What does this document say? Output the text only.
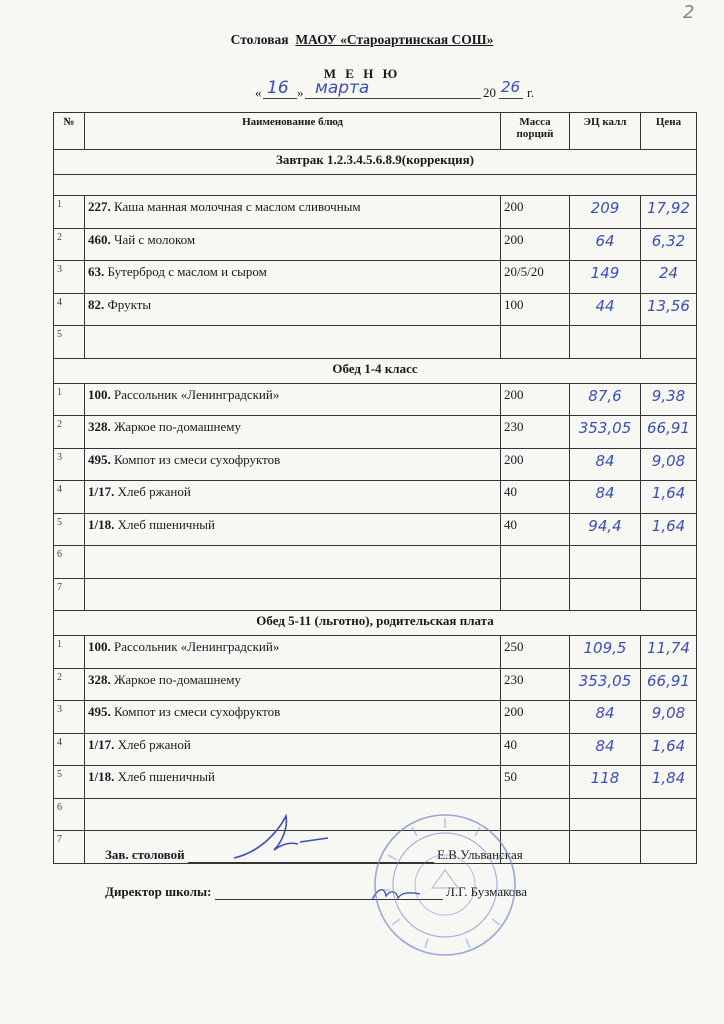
2
Столовая МАОУ «Староартинская СОШ»
М Е Н Ю
« 16 » марта	20 26 г.
№	Наименование блюд	Масса порций	ЭЦ калл	Цена
Завтрак 1.2.3.4.5.6.8.9(коррекция)				

1	227. Каша манная молочная с маслом сливочным	200	209	17,92
2	460. Чай с молоком	200	64	6,32
3	63. Бутерброд с маслом и сыром	20/5/20	149	24
4	82. Фрукты	100	44	13,56
5				
Обед 1-4 класс				
1	100. Рассольник «Ленинградский»	200	87,6	9,38
2	328. Жаркое по-домашнему	230	353,05	66,91
3	495. Компот из смеси сухофруктов	200	84	9,08
4	1/17. Хлеб ржаной	40	84	1,64
5	1/18. Хлеб пшеничный	40	94,4	1,64
6				
7				
Обед 5-11 (льготно), родительская плата				
1	100. Рассольник «Ленинградский»	250	109,5	11,74
2	328. Жаркое по-домашнему	230	353,05	66,91
3	495. Компот из смеси сухофруктов	200	84	9,08
4	1/17. Хлеб ржаной	40	84	1,64
5	1/18. Хлеб пшеничный	50	118	1,84
6				
7				
Зав. столовой	Е.В.Ульванская
Директор школы:	Л.Г. Бузмакова
